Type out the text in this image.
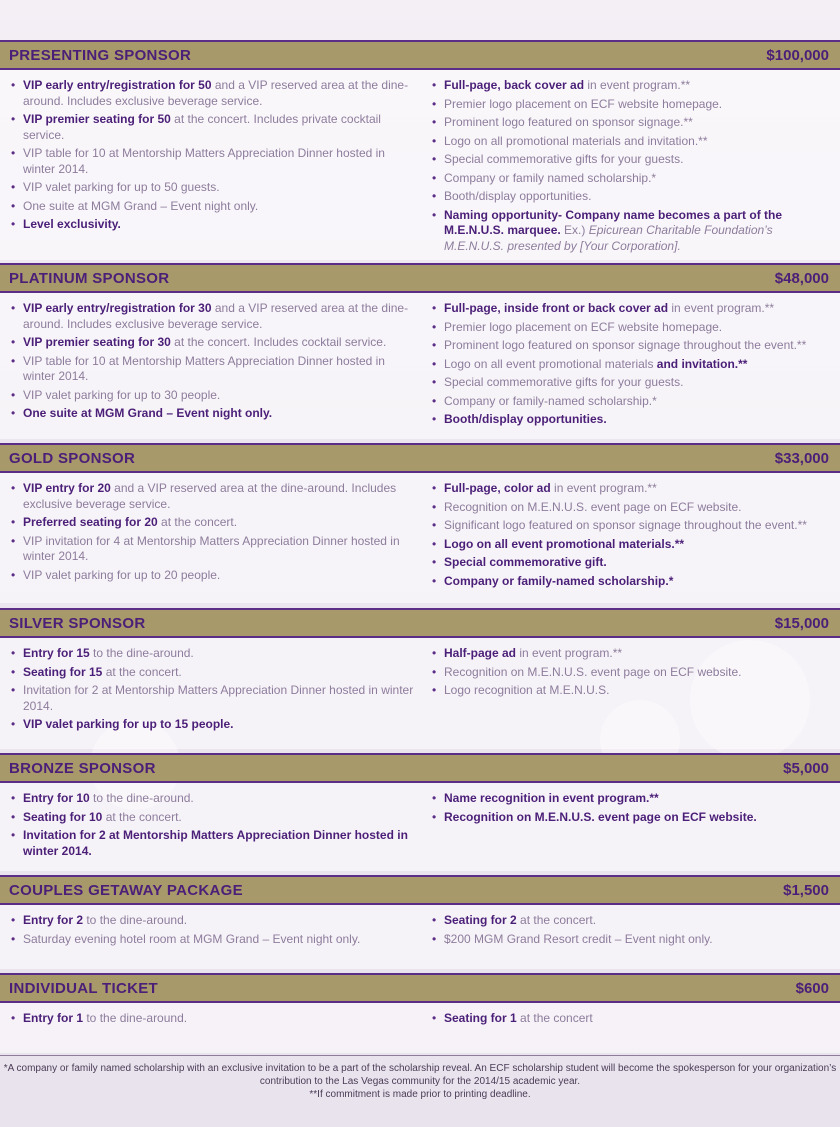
PRESENTING SPONSOR	$100,000
• VIP early entry/registration for 50 and a VIP reserved area at the dine-around. Includes exclusive beverage service.
• VIP premier seating for 50 at the concert. Includes private cocktail service.
• VIP table for 10 at Mentorship Matters Appreciation Dinner hosted in winter 2014.
• VIP valet parking for up to 50 guests.
• One suite at MGM Grand – Event night only.
• Level exclusivity.
• Full-page, back cover ad in event program.**
• Premier logo placement on ECF website homepage.
• Prominent logo featured on sponsor signage.**
• Logo on all promotional materials and invitation.**
• Special commemorative gifts for your guests.
• Company or family named scholarship.*
• Booth/display opportunities.
• Naming opportunity- Company name becomes a part of the M.E.N.U.S. marquee. Ex.) Epicurean Charitable Foundation’s M.E.N.U.S. presented by [Your Corporation].
PLATINUM SPONSOR	$48,000
• VIP early entry/registration for 30 and a VIP reserved area at the dine-around. Includes exclusive beverage service.
• VIP premier seating for 30 at the concert. Includes cocktail service.
• VIP table for 10 at Mentorship Matters Appreciation Dinner hosted in winter 2014.
• VIP valet parking for up to 30 people.
• One suite at MGM Grand – Event night only.
• Full-page, inside front or back cover ad in event program.**
• Premier logo placement on ECF website homepage.
• Prominent logo featured on sponsor signage throughout the event.**
• Logo on all event promotional materials and invitation.**
• Special commemorative gifts for your guests.
• Company or family-named scholarship.*
• Booth/display opportunities.
GOLD SPONSOR	$33,000
• VIP entry for 20 and a VIP reserved area at the dine-around. Includes exclusive beverage service.
• Preferred seating for 20 at the concert.
• VIP invitation for 4 at Mentorship Matters Appreciation Dinner hosted in winter 2014.
• VIP valet parking for up to 20 people.
• Full-page, color ad in event program.**
• Recognition on M.E.N.U.S. event page on ECF website.
• Significant logo featured on sponsor signage throughout the event.**
• Logo on all event promotional materials.**
• Special commemorative gift.
• Company or family-named scholarship.*
SILVER SPONSOR	$15,000
• Entry for 15 to the dine-around.
• Seating for 15 at the concert.
• Invitation for 2 at Mentorship Matters Appreciation Dinner hosted in winter 2014.
• VIP valet parking for up to 15 people.
• Half-page ad in event program.**
• Recognition on M.E.N.U.S. event page on ECF website.
• Logo recognition at M.E.N.U.S.
BRONZE SPONSOR	$5,000
• Entry for 10 to the dine-around.
• Seating for 10 at the concert.
• Invitation for 2 at Mentorship Matters Appreciation Dinner hosted in winter 2014.
• Name recognition in event program.**
• Recognition on M.E.N.U.S. event page on ECF website.
COUPLES GETAWAY PACKAGE	$1,500
• Entry for 2 to the dine-around.
• Saturday evening hotel room at MGM Grand – Event night only.
• Seating for 2 at the concert.
• $200 MGM Grand Resort credit – Event night only.
INDIVIDUAL TICKET	$600
• Entry for 1 to the dine-around.
•	Seating for 1 at the concert
*A company or family named scholarship with an exclusive invitation to be a part of the scholarship reveal. An ECF scholarship student will become the spokesperson for your organization’s contribution to the Las Vegas community for the 2014/15 academic year.
**If commitment is made prior to printing deadline.
